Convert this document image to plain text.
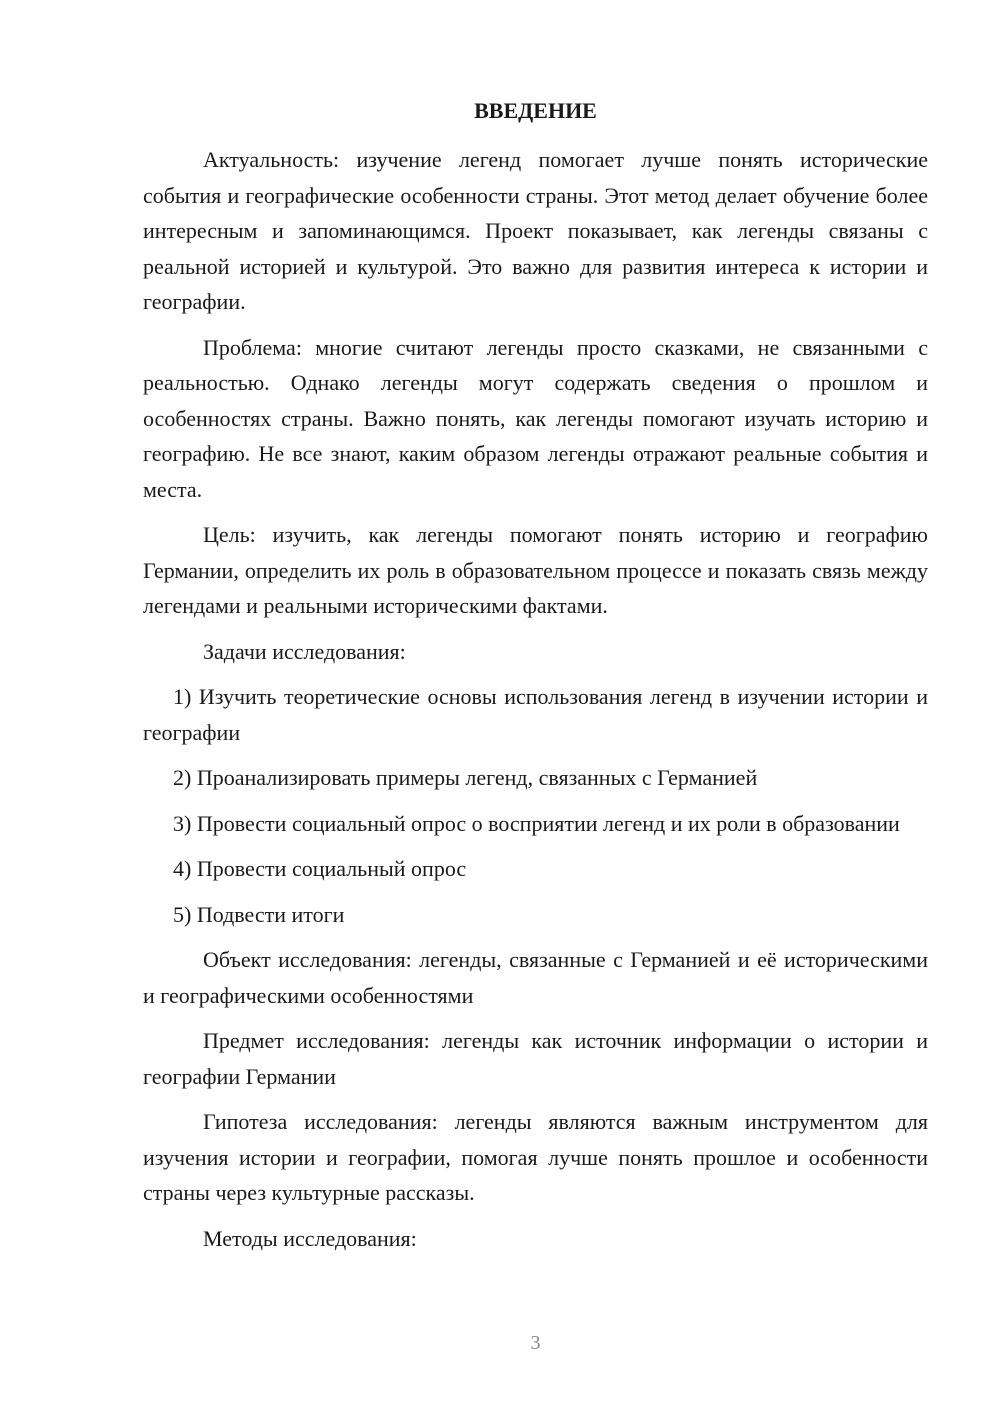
ВВЕДЕНИЕ

Актуальность: изучение легенд помогает лучше понять исторические события и географические особенности страны. Этот метод делает обучение более интересным и запоминающимся. Проект показывает, как легенды связаны с реальной историей и культурой. Это важно для развития интереса к истории и географии.

Проблема: многие считают легенды просто сказками, не связанными с реальностью. Однако легенды могут содержать сведения о прошлом и особенностях страны. Важно понять, как легенды помогают изучать историю и географию. Не все знают, каким образом легенды отражают реальные события и места.

Цель: изучить, как легенды помогают понять историю и географию Германии, определить их роль в образовательном процессе и показать связь между легендами и реальными историческими фактами.

Задачи исследования:

1) Изучить теоретические основы использования легенд в изучении истории и географии

2) Проанализировать примеры легенд, связанных с Германией

3) Провести социальный опрос о восприятии легенд и их роли в образовании

4) Провести социальный опрос

5) Подвести итоги

Объект исследования: легенды, связанные с Германией и её историческими и географическими особенностями

Предмет исследования: легенды как источник информации о истории и географии Германии

Гипотеза исследования: легенды являются важным инструментом для изучения истории и географии, помогая лучше понять прошлое и особенности страны через культурные рассказы.

Методы исследования:

3
